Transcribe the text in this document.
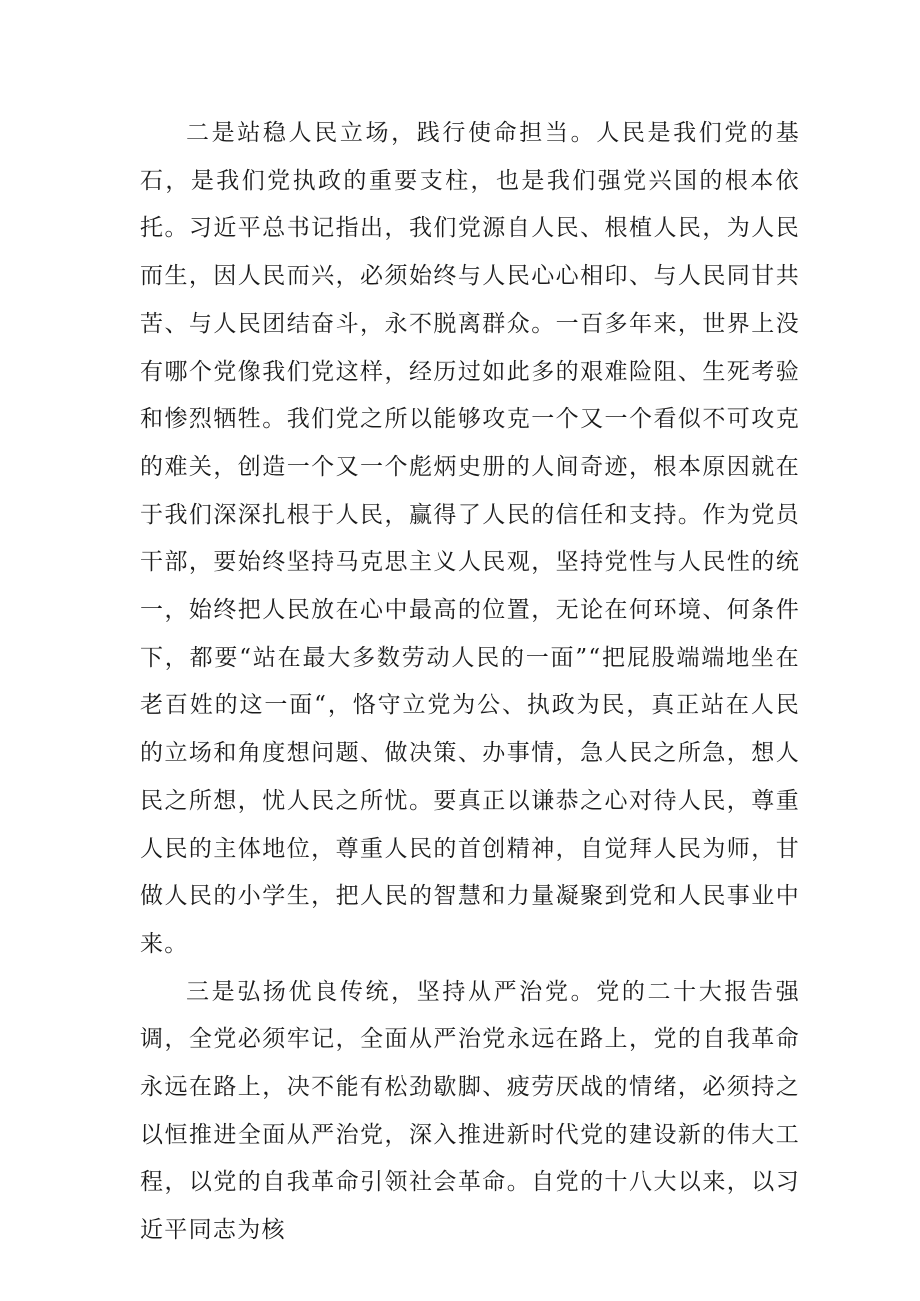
二是站稳人民立场，践行使命担当。人民是我们党的基石，是我们党执政的重要支柱，也是我们强党兴国的根本依托。习近平总书记指出，我们党源自人民、根植人民，为人民而生，因人民而兴，必须始终与人民心心相印、与人民同甘共苦、与人民团结奋斗，永不脱离群众。一百多年来，世界上没有哪个党像我们党这样，经历过如此多的艰难险阻、生死考验和惨烈牺牲。我们党之所以能够攻克一个又一个看似不可攻克的难关，创造一个又一个彪炳史册的人间奇迹，根本原因就在于我们深深扎根于人民，赢得了人民的信任和支持。作为党员干部，要始终坚持马克思主义人民观，坚持党性与人民性的统一，始终把人民放在心中最高的位置，无论在何环境、何条件下，都要“站在最大多数劳动人民的一面”“把屁股端端地坐在老百姓的这一面“，恪守立党为公、执政为民，真正站在人民的立场和角度想问题、做决策、办事情，急人民之所急，想人民之所想，忧人民之所忧。要真正以谦恭之心对待人民，尊重人民的主体地位，尊重人民的首创精神，自觉拜人民为师，甘做人民的小学生，把人民的智慧和力量凝聚到党和人民事业中来。

三是弘扬优良传统，坚持从严治党。党的二十大报告强调，全党必须牢记，全面从严治党永远在路上，党的自我革命永远在路上，决不能有松劲歇脚、疲劳厌战的情绪，必须持之以恒推进全面从严治党，深入推进新时代党的建设新的伟大工程，以党的自我革命引领社会革命。自党的十八大以来，以习近平同志为核
